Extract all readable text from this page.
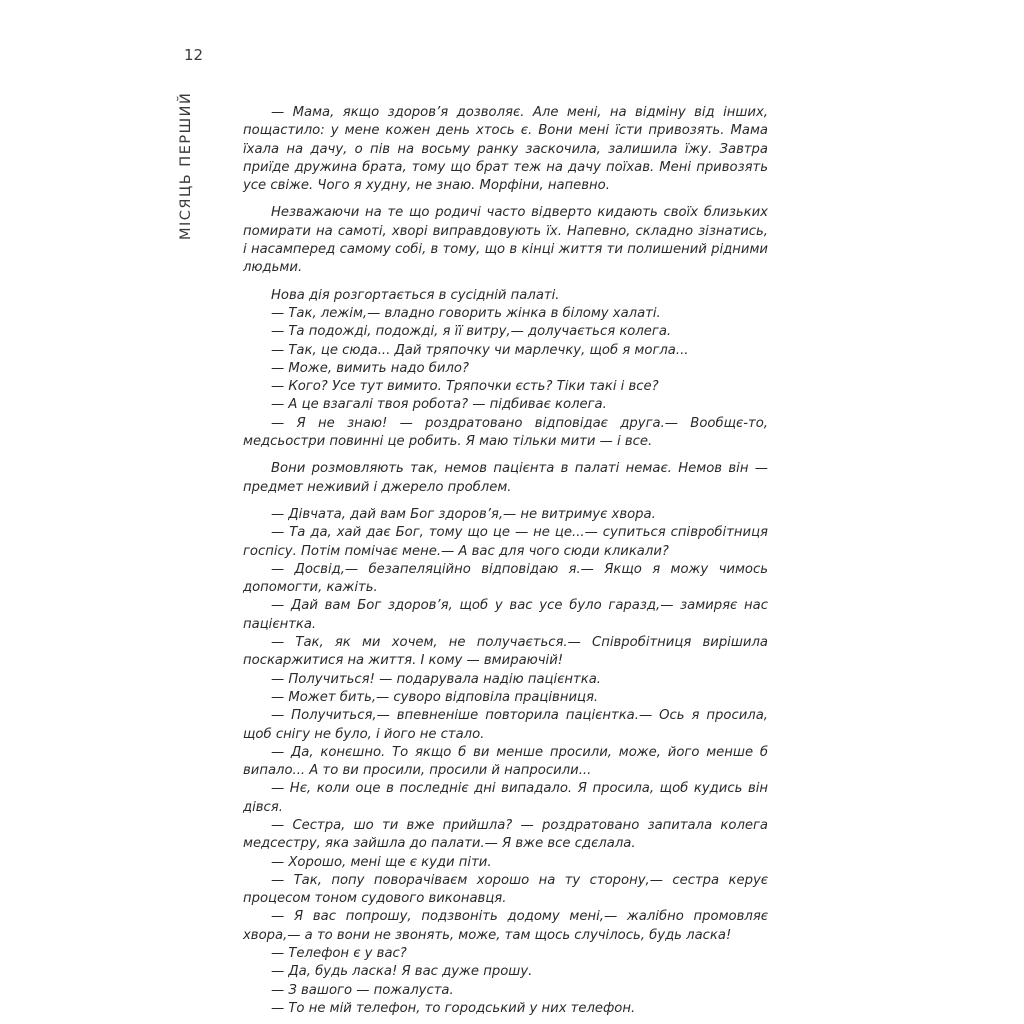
12
МІСЯЦЬ ПЕРШИЙ	— Мама, якщо здоров’я дозволяє. Але мені, на відміну від інших, пощастило: у мене кожен день хтось є. Вони мені їсти привозять. Мама їхала на дачу, о пів на восьму ранку заскочила, залишила їжу. Завтра приїде дружина брата, тому що брат теж на дачу поїхав. Мені привозять усе свіже. Чого я худну, не знаю. Морфіни, напевно.

Незважаючи на те що родичі часто відверто кидають своїх близьких помирати на самоті, хворі виправдовують їх. Напевно, складно зізнатись, і насамперед самому собі, в тому, що в кінці життя ти полишений рідними людьми.

Нова дія розгортається в сусідній палаті.

— Так, лежім,— владно говорить жінка в білому халаті.

— Та подожді, подожді, я її витру,— долучається колега.

— Так, це сюда... Дай тряпочку чи марлечку, щоб я могла...

— Може, вимить надо било?

— Кого? Усе тут вимито. Тряпочки єсть? Тіки такі і все?

— А це взагалі твоя робота? — підбиває колега.

— Я не знаю! — роздратовано відповідає друга.— Вообщє-то, медсьостри повинні це робить. Я маю тільки мити — і все.

Вони розмовляють так, немов пацієнта в палаті немає. Немов він — предмет неживий і джерело проблем.

— Дівчата, дай вам Бог здоров’я,— не витримує хвора.

— Та да, хай дає Бог, тому що це — не це...— супиться співробітниця госпісу. Потім помічає мене.— А вас для чого сюди кликали?

— Досвід,— безапеляційно відповідаю я.— Якщо я можу чимось допомогти, кажіть.

— Дай вам Бог здоров’я, щоб у вас усе було гаразд,— замиряє нас пацієнтка.

— Так, як ми хочем, не получається.— Співробітниця вирішила поскаржитися на життя. І кому — вмираючій!

— Получиться! — подарувала надію пацієнтка.

— Может бить,— суворо відповіла працівниця.

— Получиться,— впевненіше повторила пацієнтка.— Ось я просила, щоб снігу не було, і його не стало.

— Да, конєшно. То якщо б ви менше просили, може, його менше б випало... А то ви просили, просили й напросили...

— Нє, коли оце в последніє дні випадало. Я просила, щоб кудись він дівся.

— Сестра, шо ти вже прийшла? — роздратовано запитала колега медсестру, яка зайшла до палати.— Я вже все сдєлала.

— Хорошо, мені ще є куди піти.

— Так, попу поворачіваєм хорошо на ту сторону,— сестра керує процесом тоном судового виконавця.

— Я вас попрошу, подзвоніть додому мені,— жалібно промовляє хвора,— а то вони не звонять, може, там щось случілось, будь ласка!

— Телефон є у вас?

— Да, будь ласка! Я вас дуже прошу.

— З вашого — пожалуста.

— То не мій телефон, то городський у них телефон.
